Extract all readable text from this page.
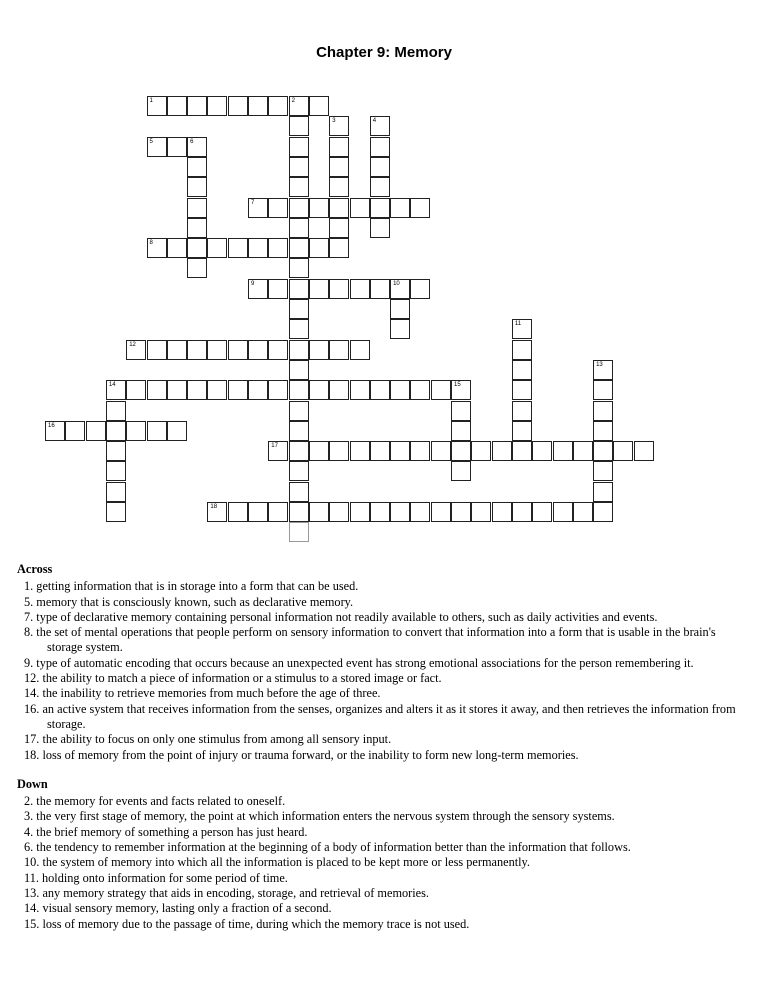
Chapter 9: Memory
1	2
3	4
5	6
7
8
9	10
11
12
13
14	15
16
17
18
Across
1. getting information that is in storage into a form that can be used.
5. memory that is consciously known, such as declarative memory.
7. type of declarative memory containing personal information not readily available to others, such as daily activities and events.
8. the set of mental operations that people perform on sensory information to convert that information into a form that is usable in the brain's storage system.
9. type of automatic encoding that occurs because an unexpected event has strong emotional associations for the person remembering it.
12. the ability to match a piece of information or a stimulus to a stored image or fact.
14. the inability to retrieve memories from much before the age of three.
16. an active system that receives information from the senses, organizes and alters it as it stores it away, and then retrieves the information from storage.
17. the ability to focus on only one stimulus from among all sensory input.
18. loss of memory from the point of injury or trauma forward, or the inability to form new long-term memories.
Down
2. the memory for events and facts related to oneself.
3. the very first stage of memory, the point at which information enters the nervous system through the sensory systems.
4. the brief memory of something a person has just heard.
6. the tendency to remember information at the beginning of a body of information better than the information that follows.
10. the system of memory into which all the information is placed to be kept more or less permanently.
11. holding onto information for some period of time.
13. any memory strategy that aids in encoding, storage, and retrieval of memories.
14. visual sensory memory, lasting only a fraction of a second.
15. loss of memory due to the passage of time, during which the memory trace is not used.
